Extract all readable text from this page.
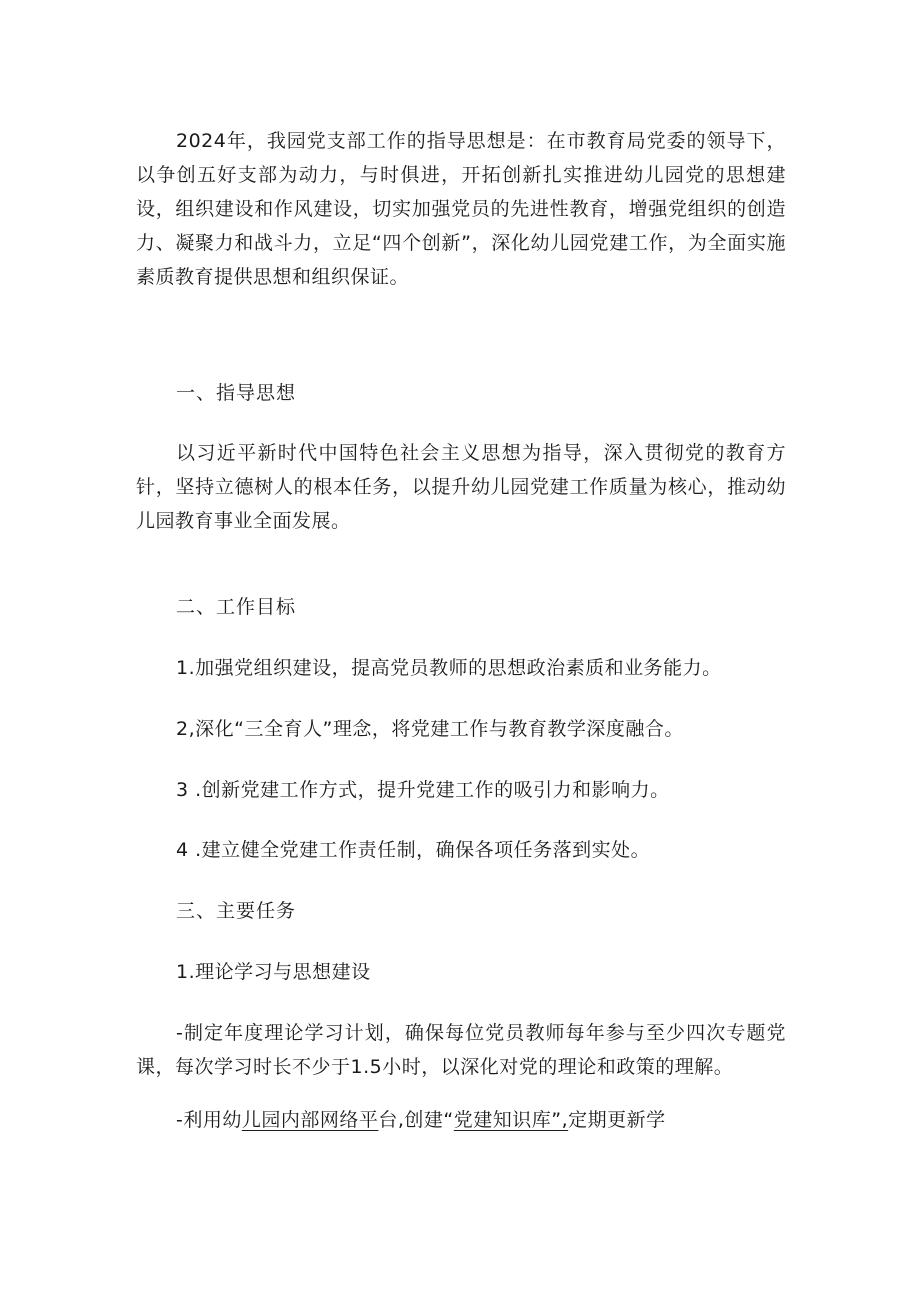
2024年，我园党支部工作的指导思想是：在市教育局党委的领导下，以争创五好支部为动力，与时俱进，开拓创新扎实推进幼儿园党的思想建设，组织建设和作风建设，切实加强党员的先进性教育，增强党组织的创造力、凝聚力和战斗力，立足“四个创新”，深化幼儿园党建工作，为全面实施素质教育提供思想和组织保证。

一、指导思想

以习近平新时代中国特色社会主义思想为指导，深入贯彻党的教育方针，坚持立德树人的根本任务，以提升幼儿园党建工作质量为核心，推动幼儿园教育事业全面发展。

二、工作目标

1.加强党组织建设，提高党员教师的思想政治素质和业务能力。

2,深化“三全育人”理念，将党建工作与教育教学深度融合。

3 .创新党建工作方式，提升党建工作的吸引力和影响力。

4 .建立健全党建工作责任制，确保各项任务落到实处。

三、主要任务

1.理论学习与思想建设

-制定年度理论学习计划，确保每位党员教师每年参与至少四次专题党课，每次学习时长不少于1.5小时，以深化对党的理论和政策的理解。

-利用幼儿园内部网络平台,创建“党建知识库”,定期更新学
